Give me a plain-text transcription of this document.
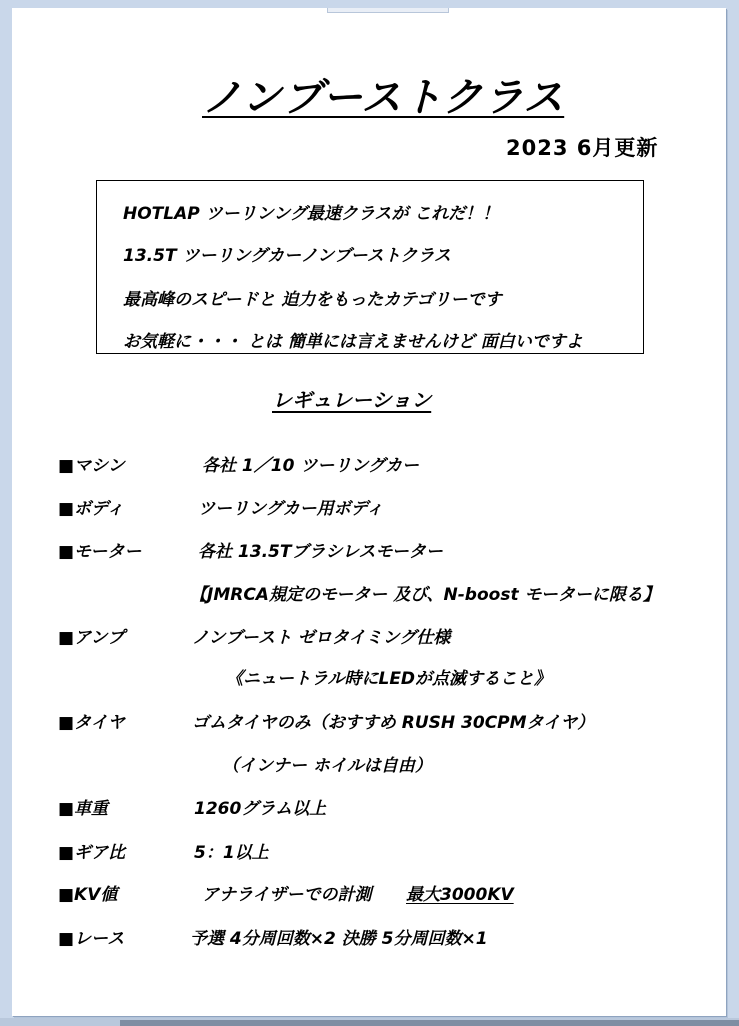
ノンブーストクラス
2023 6月更新
HOTLAP ツーリンング最速クラスが これだ！！
13.5T ツーリングカーノンブーストクラス
最高峰のスピードと 迫力をもったカテゴリーです
お気軽に・・・ とは 簡単には言えませんけど 面白いですよ
レギュレーション
■マシン	各社 1／10 ツーリングカー
■ボディ	ツーリングカー用ボディ
■モーター	各社 13.5Tブラシレスモーター
【JMRCA規定のモーター 及び、N-boost モーターに限る】
■アンプ	ノンブースト ゼロタイミング仕様
《ニュートラル時にLEDが点滅すること》
■タイヤ	ゴムタイヤのみ（おすすめ RUSH 30CPMタイヤ）
（インナー ホイルは自由）
■車重	1260グラム以上
■ギア比	5：1以上
■KV値	アナライザーでの計測 最大3000KV
■レース	予選 4分周回数×2 決勝 5分周回数×1
